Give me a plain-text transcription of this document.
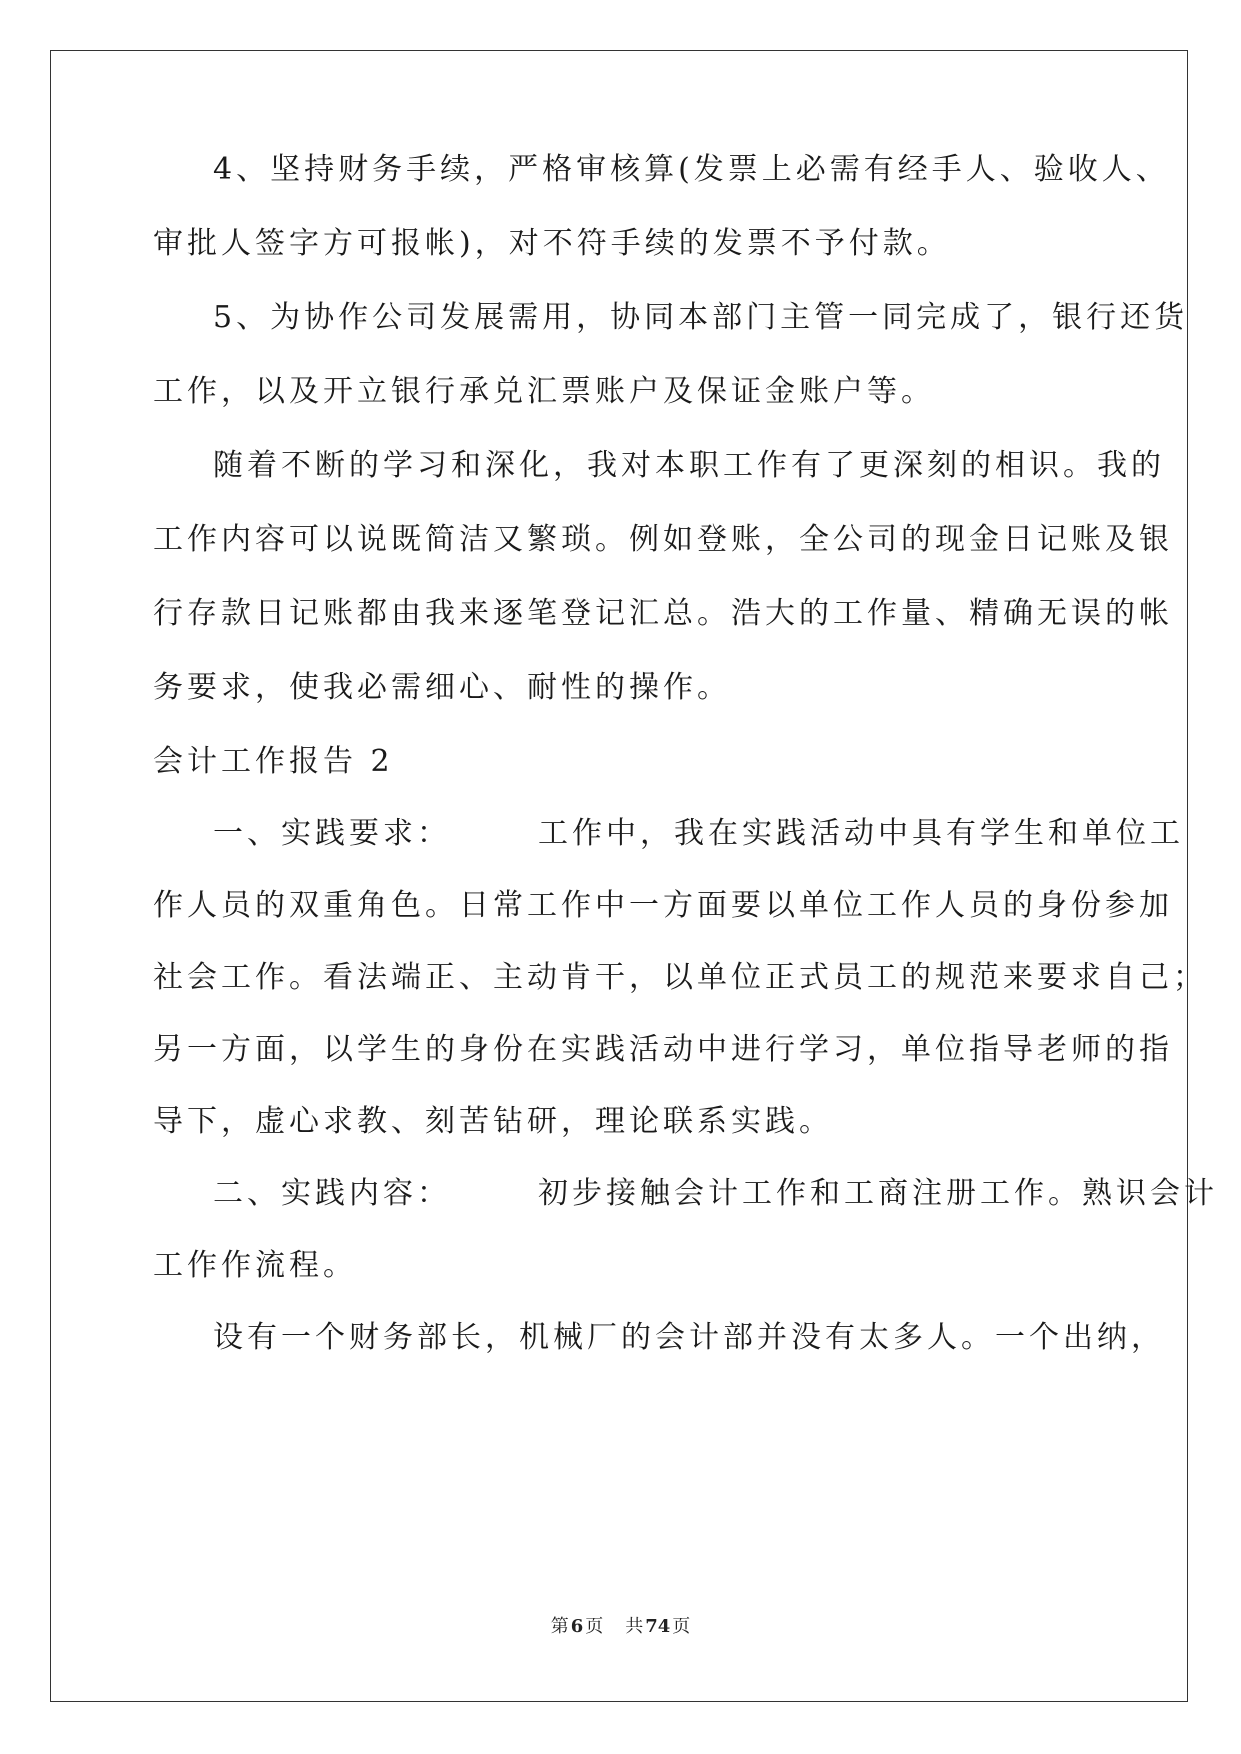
4、坚持财务手续，严格审核算(发票上必需有经手人、验收人、
审批人签字方可报帐)，对不符手续的发票不予付款。
5、为协作公司发展需用，协同本部门主管一同完成了，银行还货
工作，以及开立银行承兑汇票账户及保证金账户等。
随着不断的学习和深化，我对本职工作有了更深刻的相识。我的
工作内容可以说既简洁又繁琐。例如登账，全公司的现金日记账及银
行存款日记账都由我来逐笔登记汇总。浩大的工作量、精确无误的帐
务要求，使我必需细心、耐性的操作。
会计工作报告 2
一、实践要求：　　　工作中，我在实践活动中具有学生和单位工
作人员的双重角色。日常工作中一方面要以单位工作人员的身份参加
社会工作。看法端正、主动肯干，以单位正式员工的规范来要求自己；
另一方面，以学生的身份在实践活动中进行学习，单位指导老师的指
导下，虚心求教、刻苦钻研，理论联系实践。
二、实践内容：　　　初步接触会计工作和工商注册工作。熟识会计
工作作流程。
设有一个财务部长，机械厂的会计部并没有太多人。一个出纳，
第 6 页 共 74 页
